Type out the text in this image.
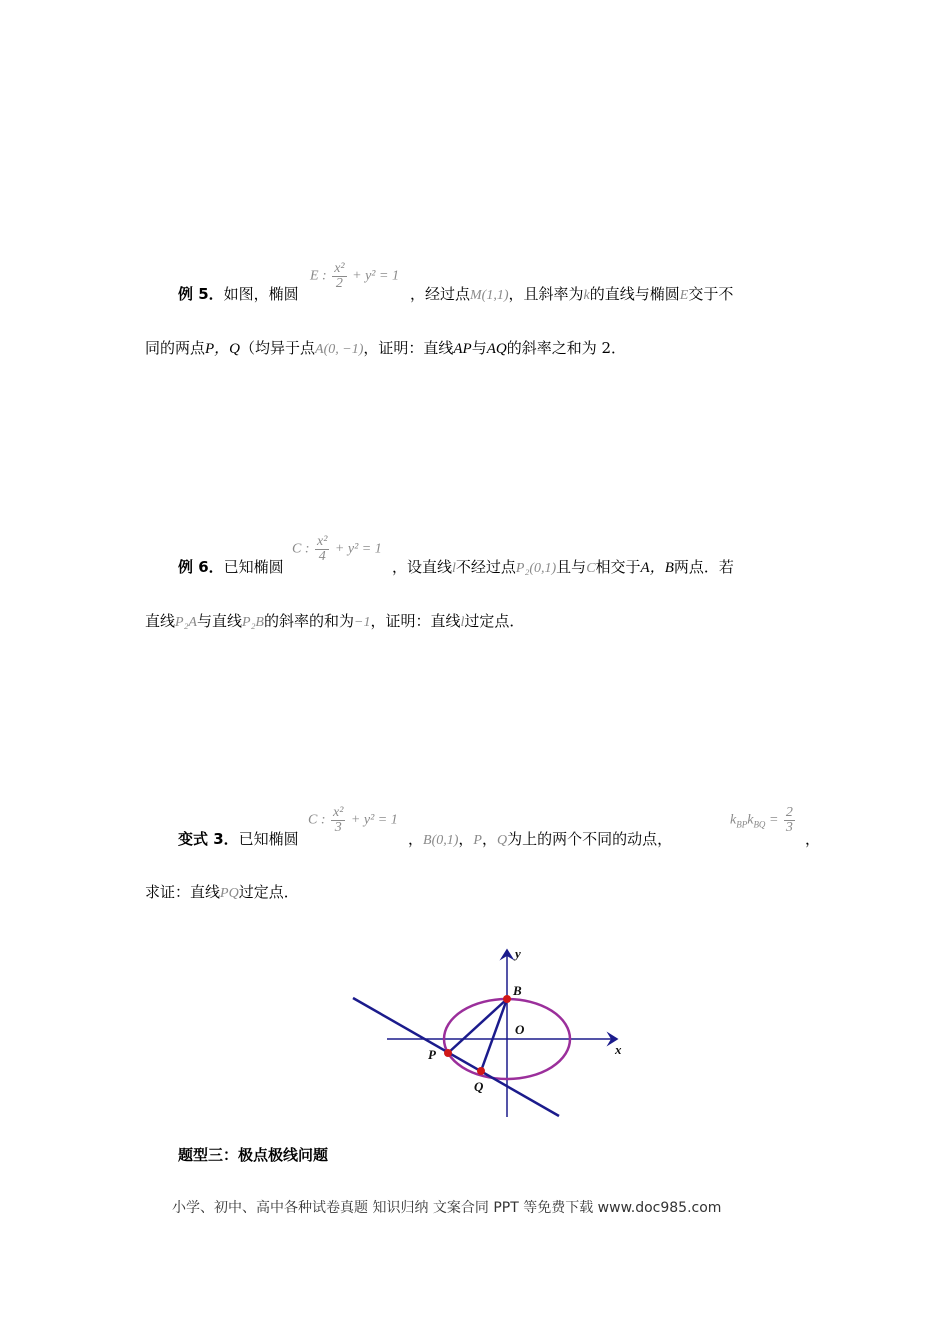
例 5．如图，椭圆
E : $\frac{\text{x²}}{2} + y^2 = 1$
，经过点M(1,1)，且斜率为k的直线与椭圆E交于不
同的两点P，Q（均异于点A(0, −1)，证明：直线AP与AQ的斜率之和为 2．
例 6．已知椭圆
C : $\frac{\text{x²}}{4} + y^2 = 1$
，设直线l不经过点P₂(0,1)且与C相交于A，B两点．若
直线P₂A与直线P₂B的斜率的和为−1，证明：直线l过定点．
变式 3．已知椭圆
C : $\frac{\text{x²}}{3} + y^2 = 1$
，B(0,1)，P，Q为上的两个不同的动点，
$k_{BP}k_{BQ} = \frac{2}{3}$
，
求证：直线PQ过定点．
y
x
B
O
P
Q
题型三：极点极线问题
小学、初中、高中各种试卷真题 知识归纳 文案合同 PPT 等免费下载 www.doc985.com
